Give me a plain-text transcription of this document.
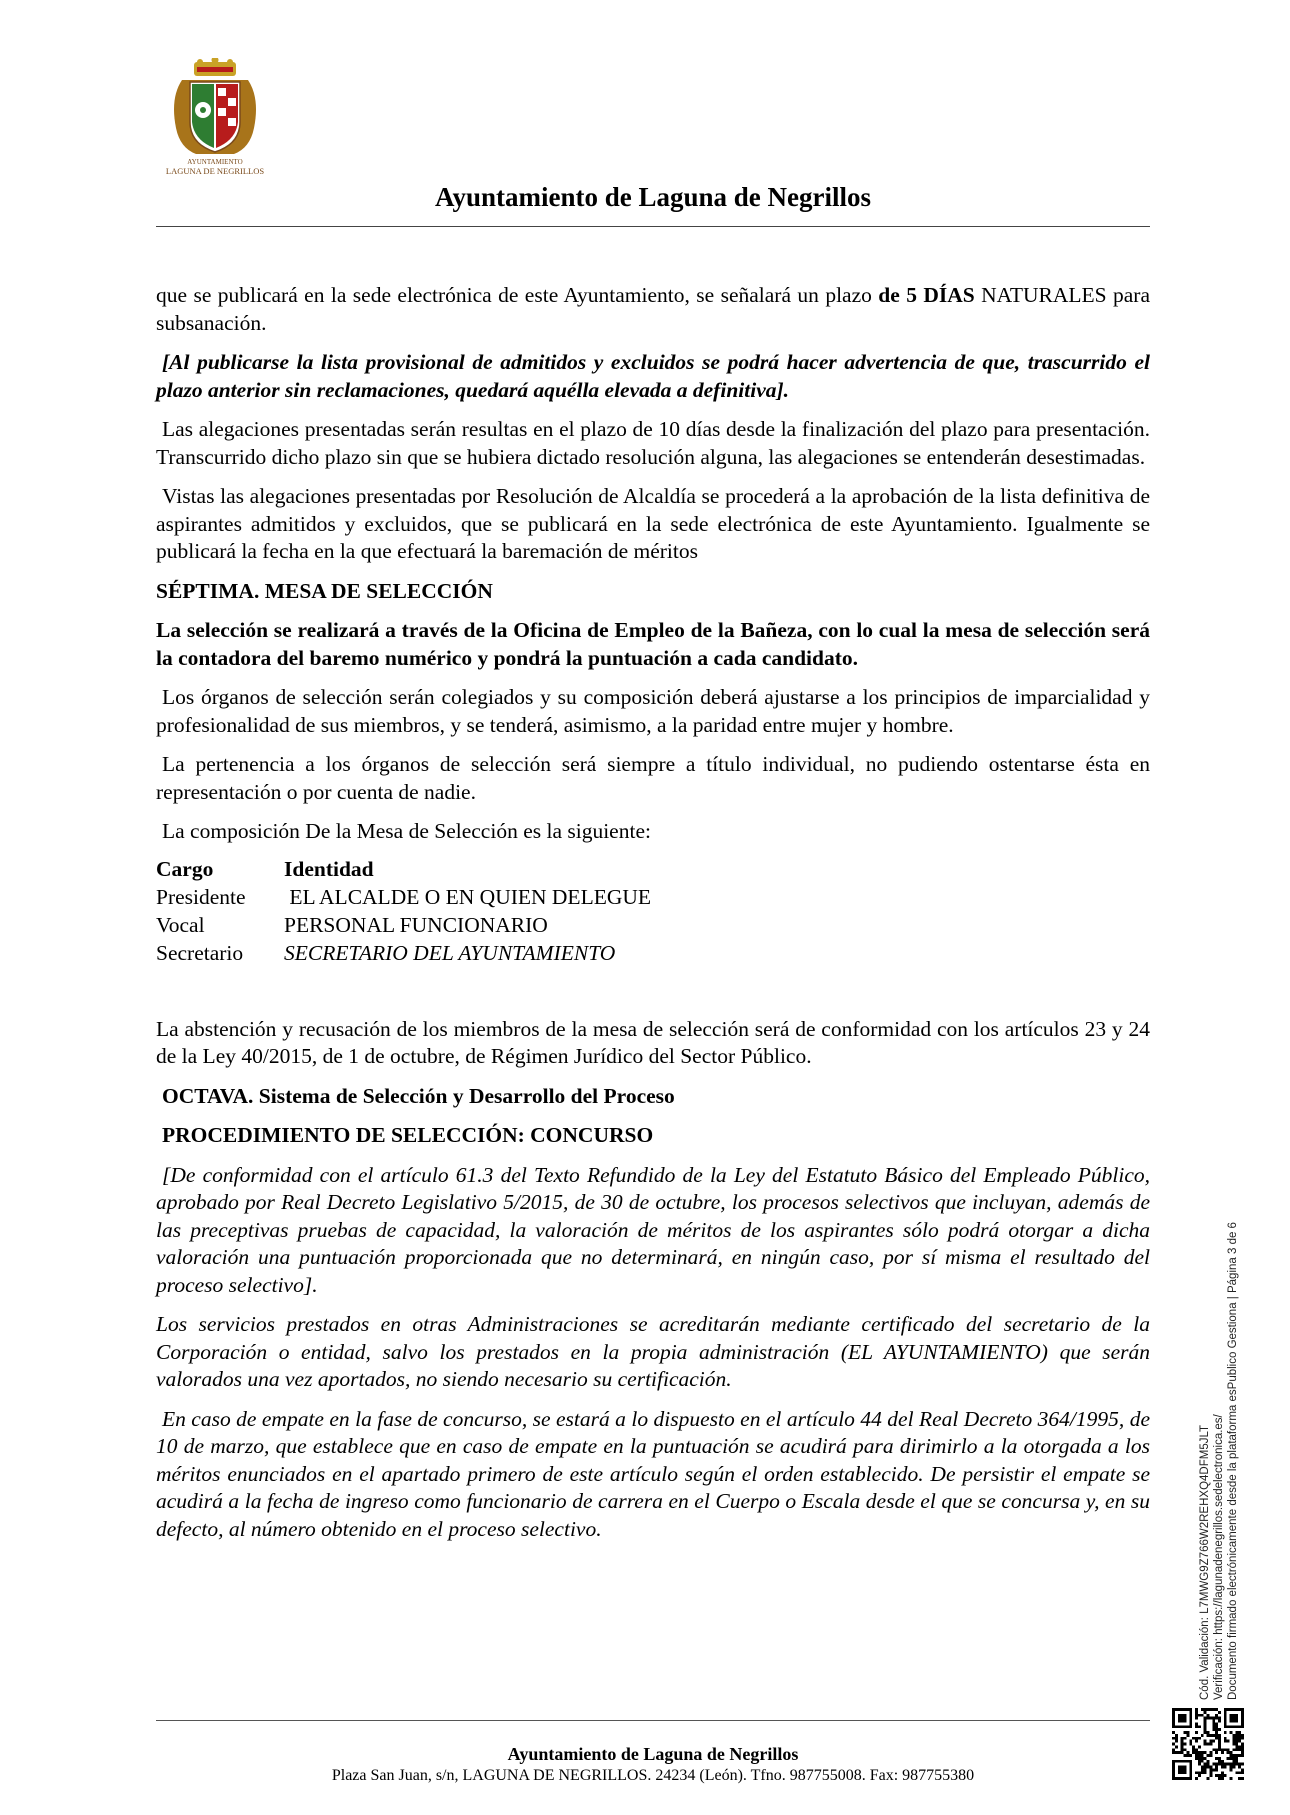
AYUNTAMIENTO
LAGUNA DE NEGRILLOS
Ayuntamiento de Laguna de Negrillos

que se publicará en la sede electrónica de este Ayuntamiento, se señalará un plazo de 5 DÍAS NATURALES para subsanación.

[Al publicarse la lista provisional de admitidos y excluidos se podrá hacer advertencia de que, trascurrido el plazo anterior sin reclamaciones, quedará aquélla elevada a definitiva].

Las alegaciones presentadas serán resultas en el plazo de 10 días desde la finalización del plazo para presentación. Transcurrido dicho plazo sin que se hubiera dictado resolución alguna, las alegaciones se entenderán desestimadas.

Vistas las alegaciones presentadas por Resolución de Alcaldía se procederá a la aprobación de la lista definitiva de aspirantes admitidos y excluidos, que se publicará en la sede electrónica de este Ayuntamiento. Igualmente se publicará la fecha en la que efectuará la baremación de méritos

SÉPTIMA. MESA DE SELECCIÓN

La selección se realizará a través de la Oficina de Empleo de la Bañeza, con lo cual la mesa de selección será la contadora del baremo numérico y pondrá la puntuación a cada candidato.

Los órganos de selección serán colegiados y su composición deberá ajustarse a los principios de imparcialidad y profesionalidad de sus miembros, y se tenderá, asimismo, a la paridad entre mujer y hombre.

La pertenencia a los órganos de selección será siempre a título individual, no pudiendo ostentarse ésta en representación o por cuenta de nadie.

La composición De la Mesa de Selección es la siguiente:

Cargo	Identidad
Presidente	EL ALCALDE O EN QUIEN DELEGUE
Vocal	PERSONAL FUNCIONARIO
Secretario	SECRETARIO DEL AYUNTAMIENTO

La abstención y recusación de los miembros de la mesa de selección será de conformidad con los artículos 23 y 24 de la Ley 40/2015, de 1 de octubre, de Régimen Jurídico del Sector Público.

OCTAVA. Sistema de Selección y Desarrollo del Proceso

PROCEDIMIENTO DE SELECCIÓN: CONCURSO

[De conformidad con el artículo 61.3 del Texto Refundido de la Ley del Estatuto Básico del Empleado Público, aprobado por Real Decreto Legislativo 5/2015, de 30 de octubre, los procesos selectivos que incluyan, además de las preceptivas pruebas de capacidad, la valoración de méritos de los aspirantes sólo podrá otorgar a dicha valoración una puntuación proporcionada que no determinará, en ningún caso, por sí misma el resultado del proceso selectivo].

Los servicios prestados en otras Administraciones se acreditarán mediante certificado del secretario de la Corporación o entidad, salvo los prestados en la propia administración (EL AYUNTAMIENTO) que serán valorados una vez aportados, no siendo necesario su certificación.

En caso de empate en la fase de concurso, se estará a lo dispuesto en el artículo 44 del Real Decreto 364/1995, de 10 de marzo, que establece que en caso de empate en la puntuación se acudirá para dirimirlo a la otorgada a los méritos enunciados en el apartado primero de este artículo según el orden establecido. De persistir el empate se acudirá a la fecha de ingreso como funcionario de carrera en el Cuerpo o Escala desde el que se concursa y, en su defecto, al número obtenido en el proceso selectivo.	Cód. Validación: L7MWG9Z766W2REHXQ4DFM5JLT Verificación: https://lagunadenegrillos.sedelectronica.es/ Documento firmado electrónicamente desde la plataforma esPublico Gestiona | Página 3 de 6
Ayuntamiento de Laguna de Negrillos
Plaza San Juan, s/n, LAGUNA DE NEGRILLOS. 24234 (León). Tfno. 987755008. Fax: 987755380
